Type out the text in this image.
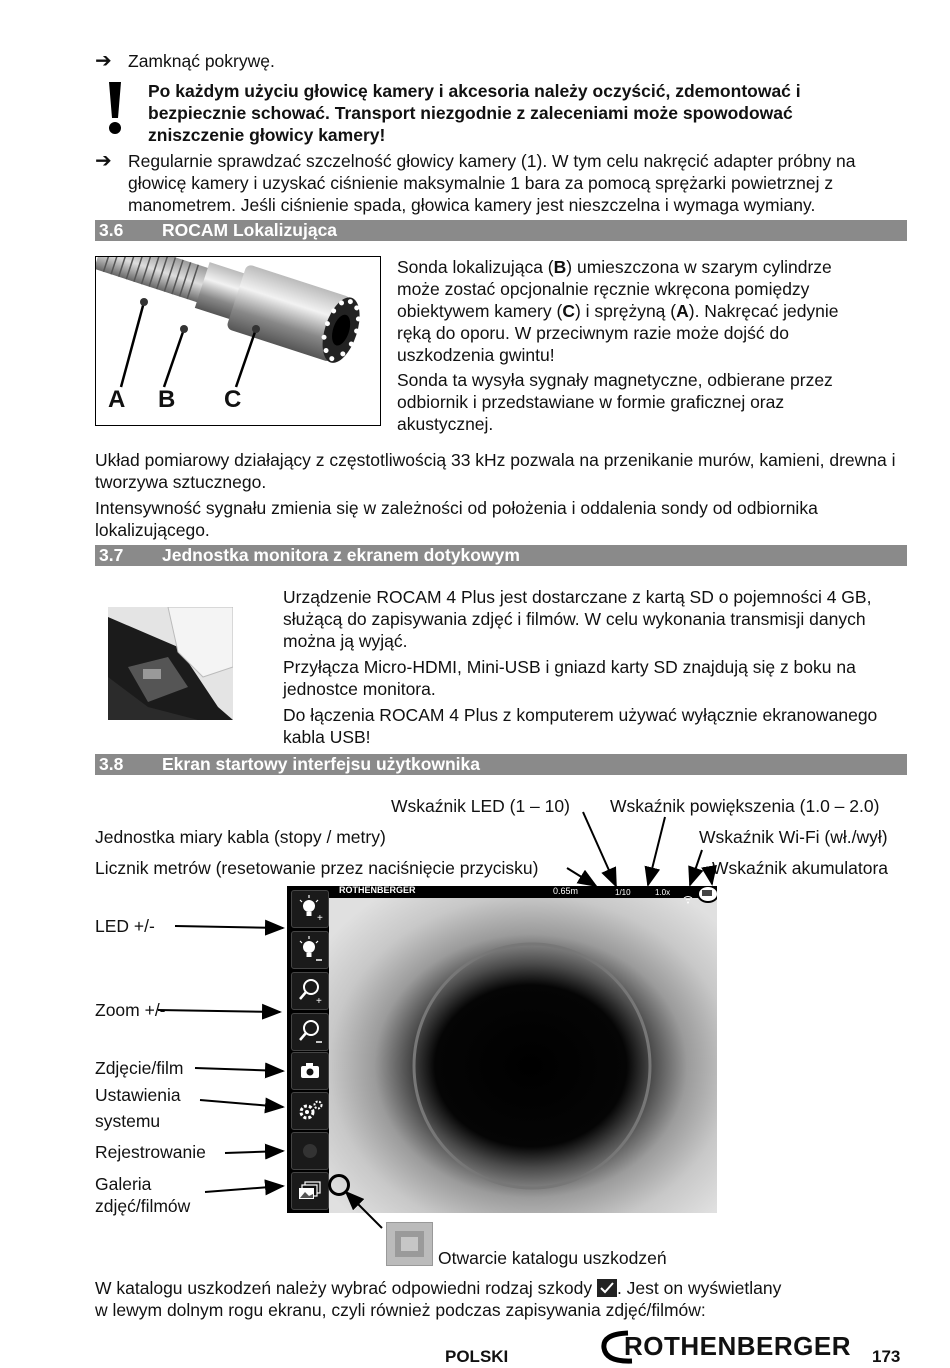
➔ Zamknąć pokrywę.
Po każdym użyciu głowicę kamery i akcesoria należy oczyścić, zdemontować i bezpiecznie schować. Transport niezgodnie z zaleceniami może spowodować zniszczenie głowicy kamery!
➔ Regularnie sprawdzać szczelność głowicy kamery (1). W tym celu nakręcić adapter próbny na głowicę kamery i uzyskać ciśnienie maksymalnie 1 bara za pomocą sprężarki powietrznej z manometrem. Jeśli ciśnienie spada, głowica kamery jest nieszczelna i wymaga wymiany.
3.6 ROCAM Lokalizująca
A B C
Sonda lokalizująca (B) umieszczona w szarym cylindrze może zostać opcjonalnie ręcznie wkręcona pomiędzy obiektywem kamery (C) i sprężyną (A). Nakręcać jedynie ręką do oporu. W przeciwnym razie może dojść do uszkodzenia gwintu!
Sonda ta wysyła sygnały magnetyczne, odbierane przez odbiornik i przedstawiane w formie graficznej oraz akustycznej.
Układ pomiarowy działający z częstotliwością 33 kHz pozwala na przenikanie murów, kamieni, drewna i tworzywa sztucznego.
Intensywność sygnału zmienia się w zależności od położenia i oddalenia sondy od odbiornika lokalizującego.
3.7 Jednostka monitora z ekranem dotykowym
Urządzenie ROCAM 4 Plus jest dostarczane z kartą SD o pojemności 4 GB, służącą do zapisywania zdjęć i filmów. W celu wykonania transmisji danych można ją wyjąć.
Przyłącza Micro-HDMI, Mini-USB i gniazd karty SD znajdują się z boku na jednostce monitora.
Do łączenia ROCAM 4 Plus z komputerem używać wyłącznie ekranowanego kabla USB!
3.8 Ekran startowy interfejsu użytkownika
Wskaźnik LED (1 – 10) Wskaźnik powiększenia (1.0 – 2.0)
Jednostka miary kabla (stopy / metry)	Wskaźnik Wi-Fi (wł./wył)
Licznik metrów (resetowanie przez naciśnięcie przycisku)	Wskaźnik akumulatora
ROTHENBERGER	0.65m	1/10	1.0x
+
+
LED +/-
Zoom +/-
Zdjęcie/film
Ustawienia
systemu
Rejestrowanie
Galeria
zdjęć/filmów
Otwarcie katalogu uszkodzeń
W katalogu uszkodzeń należy wybrać odpowiedni rodzaj szkody . Jest on wyświetlany
w lewym dolnym rogu ekranu, czyli również podczas zapisywania zdjęć/filmów:
POLSKI	ROTHENBERGER 173
